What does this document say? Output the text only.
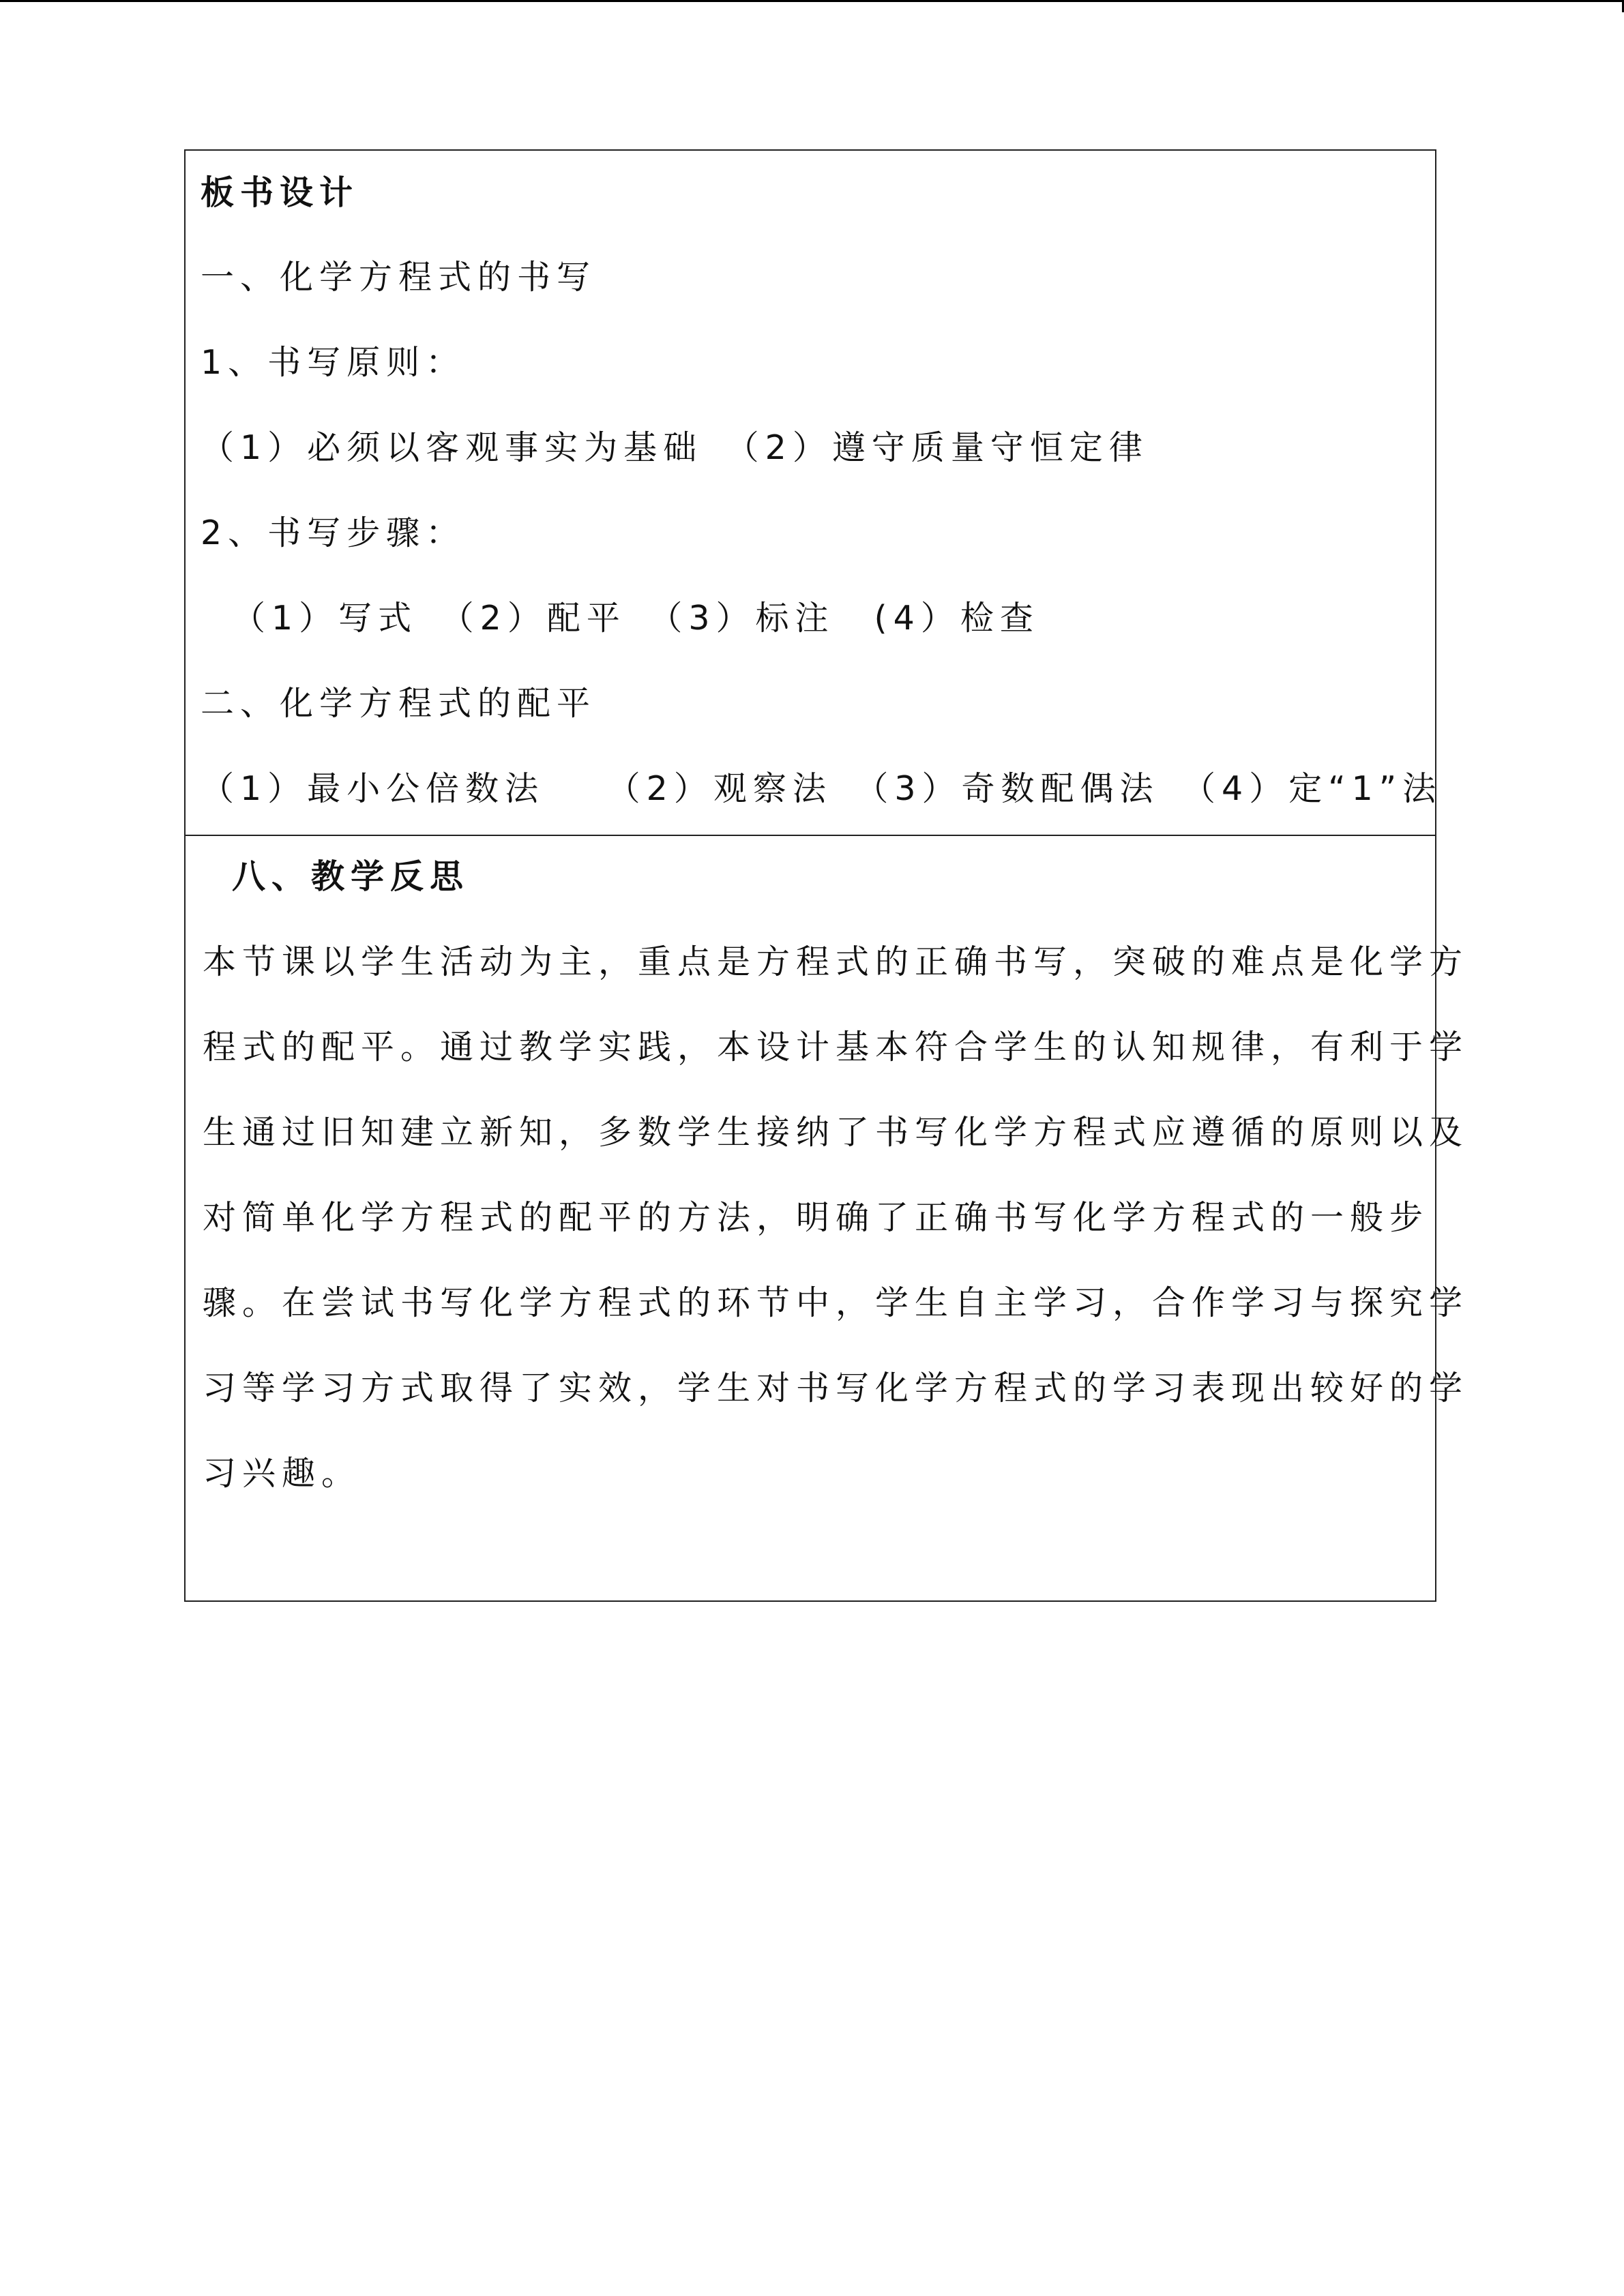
板书设计
一、化学方程式的书写
1、书写原则：
（1）必须以客观事实为基础　（2）遵守质量守恒定律
2、书写步骤：
（1）写式　（2）配平　（3）标注　(4）检查
二、化学方程式的配平
（1）最小公倍数法　　（2）观察法　（3）奇数配偶法　（4）定“1”法
八、教学反思
本节课以学生活动为主，重点是方程式的正确书写，突破的难点是化学方
程式的配平。通过教学实践，本设计基本符合学生的认知规律，有利于学
生通过旧知建立新知，多数学生接纳了书写化学方程式应遵循的原则以及
对简单化学方程式的配平的方法，明确了正确书写化学方程式的一般步
骤。在尝试书写化学方程式的环节中，学生自主学习，合作学习与探究学
习等学习方式取得了实效，学生对书写化学方程式的学习表现出较好的学
习兴趣。
